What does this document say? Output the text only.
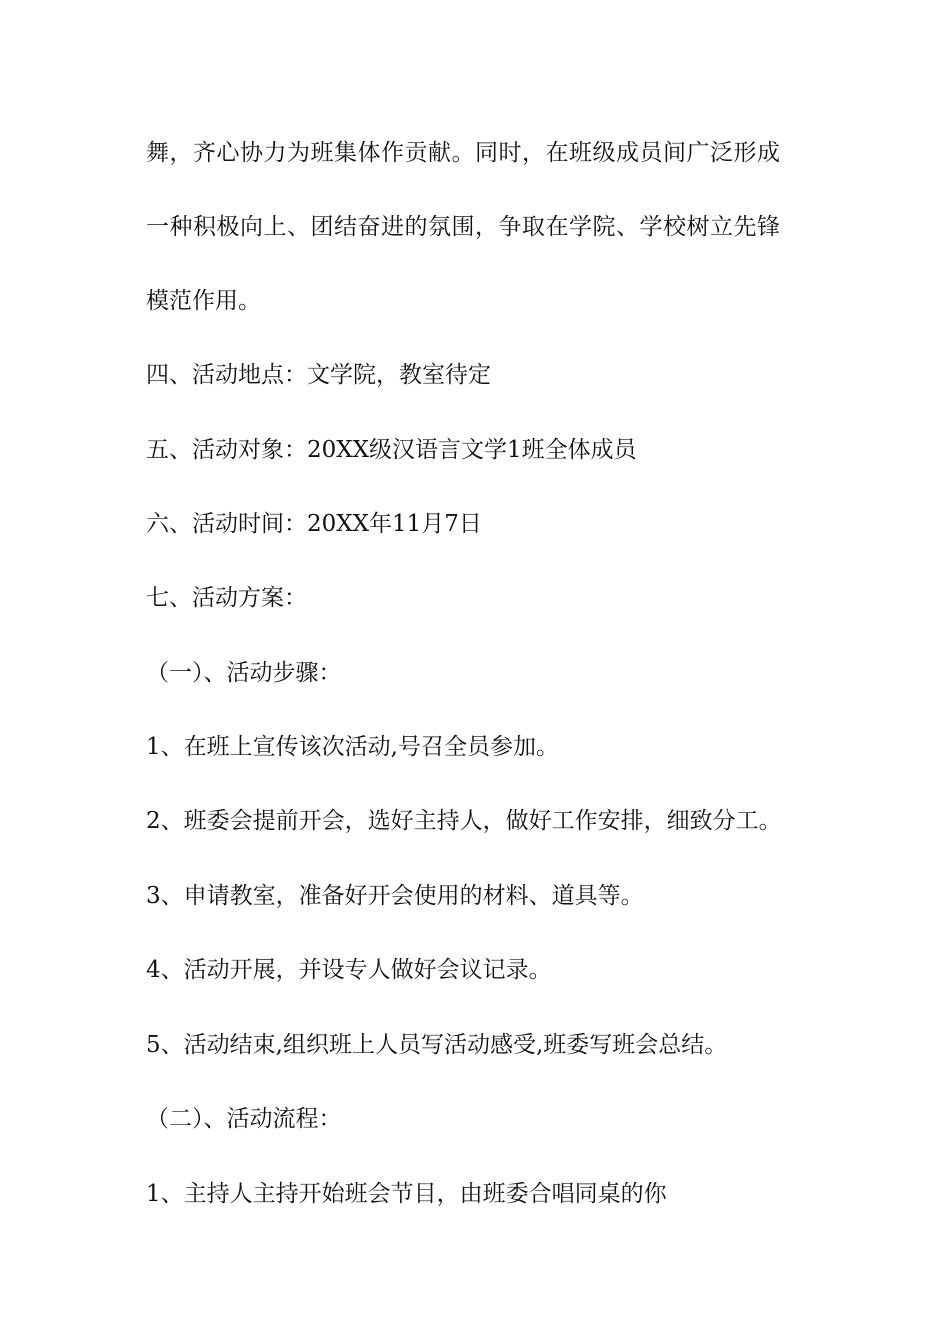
舞，齐心协力为班集体作贡献。同时，在班级成员间广泛形成
一种积极向上、团结奋进的氛围，争取在学院、学校树立先锋
模范作用。
四、活动地点：文学院，教室待定
五、活动对象：20XX级汉语言文学1班全体成员
六、活动时间：20XX年11月7日
七、活动方案：
（一）、活动步骤：
1、在班上宣传该次活动,号召全员参加。
2、班委会提前开会，选好主持人，做好工作安排，细致分工。
3、申请教室，准备好开会使用的材料、道具等。
4、活动开展，并设专人做好会议记录。
5、活动结束,组织班上人员写活动感受,班委写班会总结。
（二）、活动流程：
1、主持人主持开始班会节目，由班委合唱同桌的你
